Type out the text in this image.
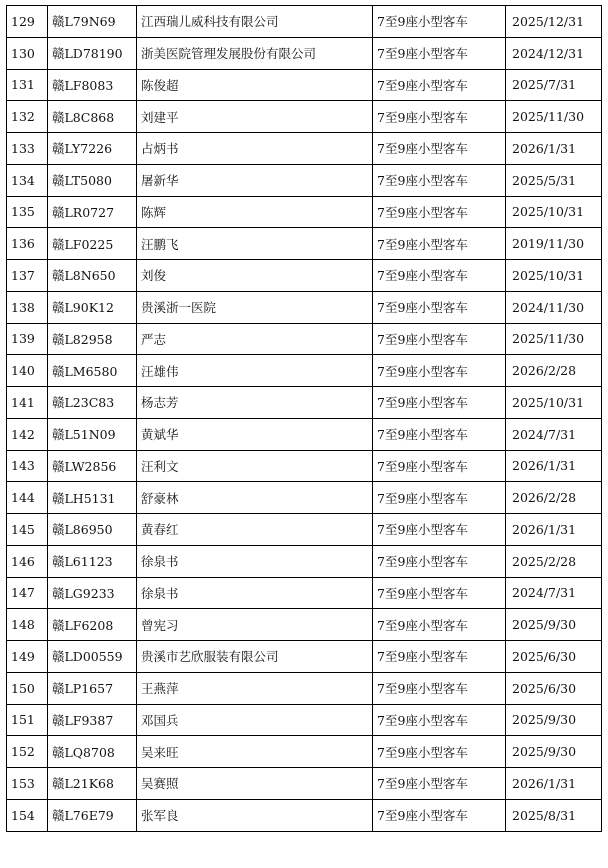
129	赣L79N69	江西瑞儿威科技有限公司	7至9座小型客车	2025/12/31
130	赣LD78190	浙美医院管理发展股份有限公司	7至9座小型客车	2024/12/31
131	赣LF8083	陈俊超	7至9座小型客车	2025/7/31
132	赣L8C868	刘建平	7至9座小型客车	2025/11/30
133	赣LY7226	占炳书	7至9座小型客车	2026/1/31
134	赣LT5080	屠新华	7至9座小型客车	2025/5/31
135	赣LR0727	陈辉	7至9座小型客车	2025/10/31
136	赣LF0225	汪鹏飞	7至9座小型客车	2019/11/30
137	赣L8N650	刘俊	7至9座小型客车	2025/10/31
138	赣L90K12	贵溪浙一医院	7至9座小型客车	2024/11/30
139	赣L82958	严志	7至9座小型客车	2025/11/30
140	赣LM6580	汪雄伟	7至9座小型客车	2026/2/28
141	赣L23C83	杨志芳	7至9座小型客车	2025/10/31
142	赣L51N09	黄斌华	7至9座小型客车	2024/7/31
143	赣LW2856	汪利文	7至9座小型客车	2026/1/31
144	赣LH5131	舒豪林	7至9座小型客车	2026/2/28
145	赣L86950	黄春红	7至9座小型客车	2026/1/31
146	赣L61123	徐泉书	7至9座小型客车	2025/2/28
147	赣LG9233	徐泉书	7至9座小型客车	2024/7/31
148	赣LF6208	曾宪习	7至9座小型客车	2025/9/30
149	赣LD00559	贵溪市艺欣服装有限公司	7至9座小型客车	2025/6/30
150	赣LP1657	王燕萍	7至9座小型客车	2025/6/30
151	赣LF9387	邓国兵	7至9座小型客车	2025/9/30
152	赣LQ8708	吴来旺	7至9座小型客车	2025/9/30
153	赣L21K68	吴赛照	7至9座小型客车	2026/1/31
154	赣L76E79	张军良	7至9座小型客车	2025/8/31
